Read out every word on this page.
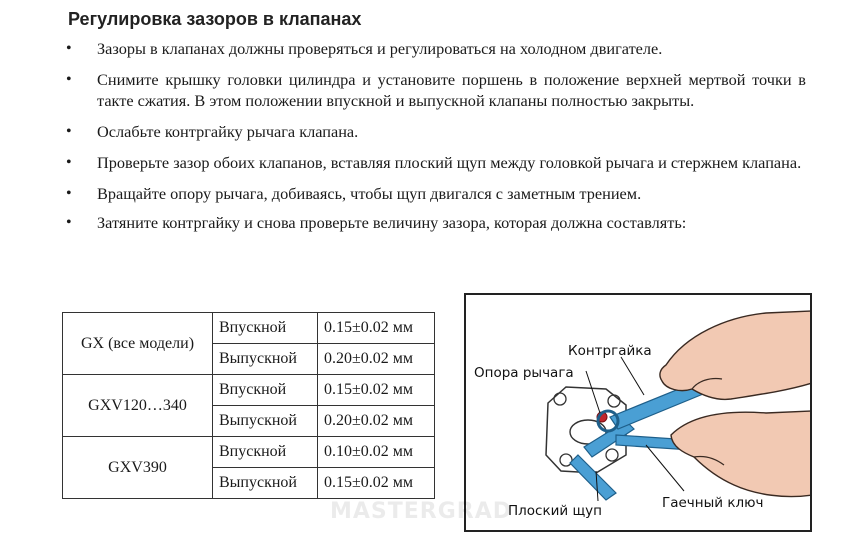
Регулировка зазоров в клапанах
• Зазоры в клапанах должны проверяться и регулироваться на холодном двигателе.
• Снимите крышку головки цилиндра и установите поршень в положение верхней мертвой точки в такте сжатия. В этом положении впускной и выпускной клапаны полностью закрыты.
• Ослабьте контргайку рычага клапана.
• Проверьте зазор обоих клапанов, вставляя плоский щуп между головкой рычага и стержнем клапана.
• Вращайте опору рычага, добиваясь, чтобы щуп двигался с заметным трением.
• Затяните контргайку и снова проверьте величину зазора, которая должна составлять:
GX (все модели)	Впускной	0.15±0.02 мм
	Выпускной	0.20±0.02 мм
GXV120…340	Впускной	0.15±0.02 мм
	Выпускной	0.20±0.02 мм
GXV390	Впускной	0.10±0.02 мм
	Выпускной	0.15±0.02 мм
Контргайка
Опора рычага
Плоский щуп	Гаечный ключ
MASTERGRAD
